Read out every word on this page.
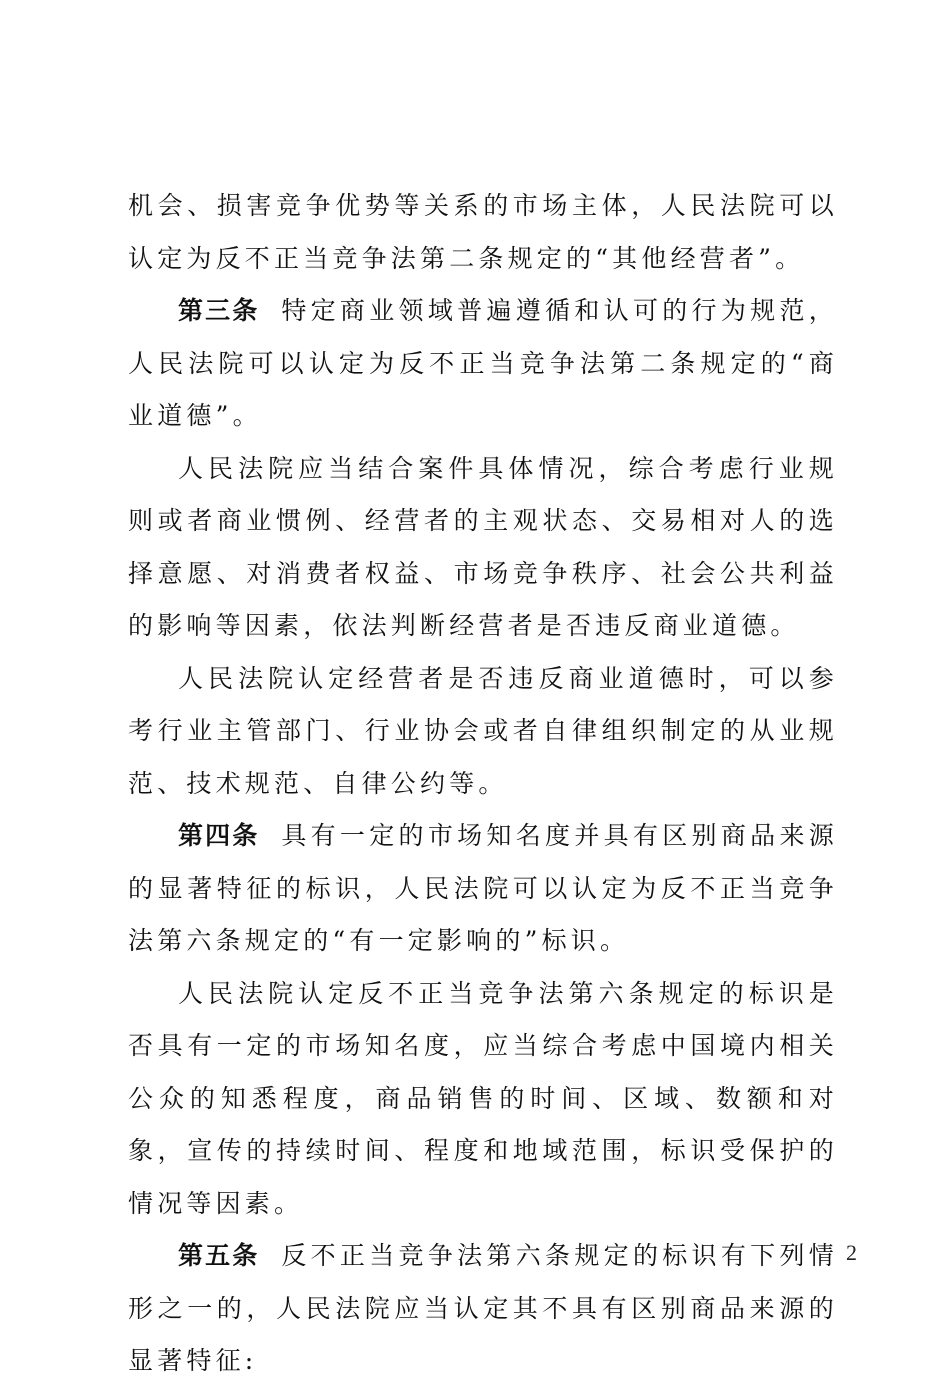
机会、损害竞争优势等关系的市场主体，人民法院可以认定为反不正当竞争法第二条规定的“其他经营者”。

第三条 特定商业领域普遍遵循和认可的行为规范，人民法院可以认定为反不正当竞争法第二条规定的“商业道德”。

人民法院应当结合案件具体情况，综合考虑行业规则或者商业惯例、经营者的主观状态、交易相对人的选择意愿、对消费者权益、市场竞争秩序、社会公共利益的影响等因素，依法判断经营者是否违反商业道德。

人民法院认定经营者是否违反商业道德时，可以参考行业主管部门、行业协会或者自律组织制定的从业规范、技术规范、自律公约等。

第四条 具有一定的市场知名度并具有区别商品来源的显著特征的标识，人民法院可以认定为反不正当竞争法第六条规定的“有一定影响的”标识。

人民法院认定反不正当竞争法第六条规定的标识是否具有一定的市场知名度，应当综合考虑中国境内相关公众的知悉程度，商品销售的时间、区域、数额和对象，宣传的持续时间、程度和地域范围，标识受保护的情况等因素。

第五条 反不正当竞争法第六条规定的标识有下列情形之一的，人民法院应当认定其不具有区别商品来源的显著特征:

2
